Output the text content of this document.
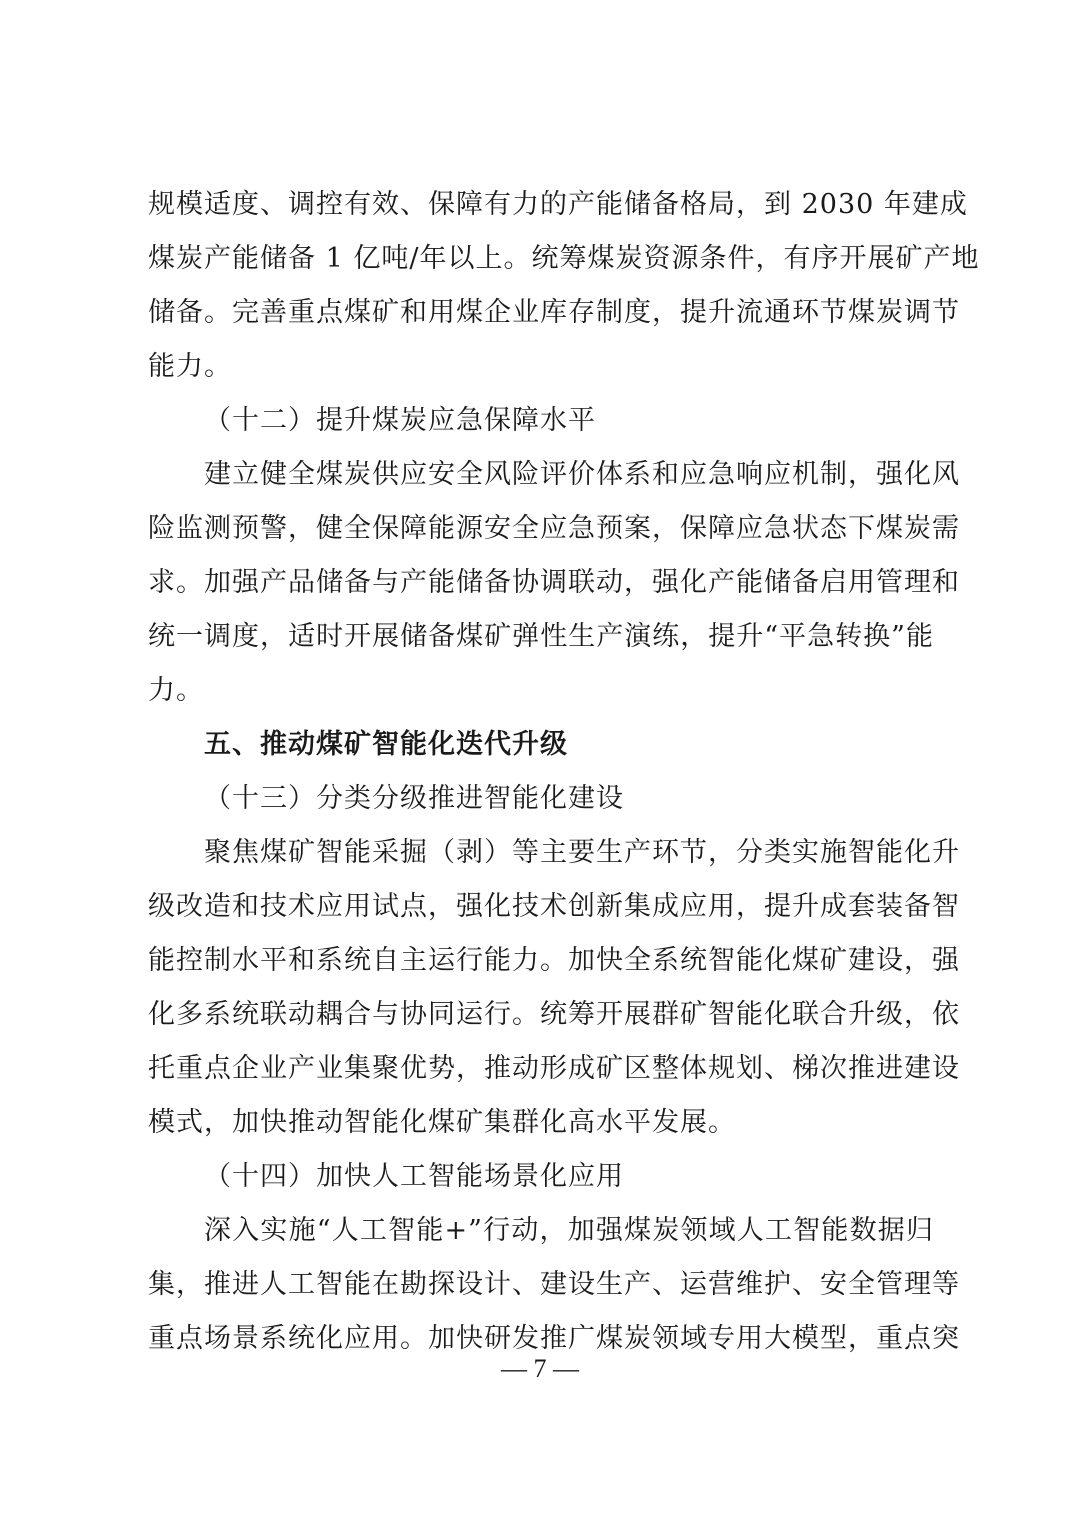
规模适度、调控有效、保障有力的产能储备格局，到 2030 年建成
煤炭产能储备 1 亿吨/年以上。统筹煤炭资源条件，有序开展矿产地
储备。完善重点煤矿和用煤企业库存制度，提升流通环节煤炭调节
能力。
（十二）提升煤炭应急保障水平
建立健全煤炭供应安全风险评价体系和应急响应机制，强化风
险监测预警，健全保障能源安全应急预案，保障应急状态下煤炭需
求。加强产品储备与产能储备协调联动，强化产能储备启用管理和
统一调度，适时开展储备煤矿弹性生产演练，提升“平急转换”能
力。
五、推动煤矿智能化迭代升级
（十三）分类分级推进智能化建设
聚焦煤矿智能采掘（剥）等主要生产环节，分类实施智能化升
级改造和技术应用试点，强化技术创新集成应用，提升成套装备智
能控制水平和系统自主运行能力。加快全系统智能化煤矿建设，强
化多系统联动耦合与协同运行。统筹开展群矿智能化联合升级，依
托重点企业产业集聚优势，推动形成矿区整体规划、梯次推进建设
模式，加快推动智能化煤矿集群化高水平发展。
（十四）加快人工智能场景化应用
深入实施“人工智能+”行动，加强煤炭领域人工智能数据归
集，推进人工智能在勘探设计、建设生产、运营维护、安全管理等
重点场景系统化应用。加快研发推广煤炭领域专用大模型，重点突
— 7 —
